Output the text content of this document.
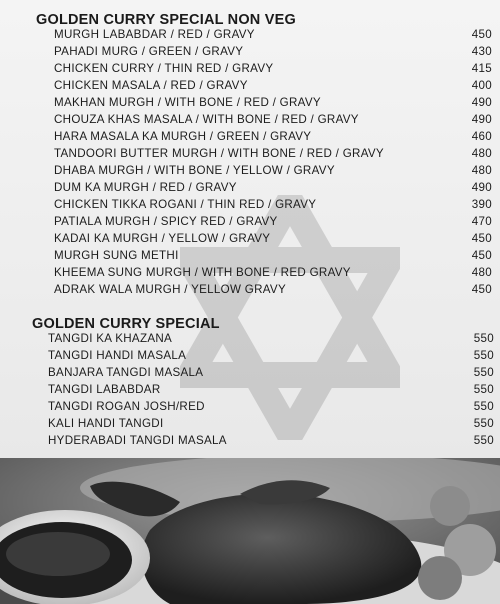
GOLDEN CURRY SPECIAL NON VEG
MURGH LABABDAR / RED / GRAVY	450
PAHADI MURG / GREEN / GRAVY	430
CHICKEN CURRY / THIN RED / GRAVY	415
CHICKEN MASALA / RED / GRAVY	400
MAKHAN MURGH / WITH BONE / RED / GRAVY	490
CHOUZA KHAS MASALA / WITH BONE / RED / GRAVY	490
HARA MASALA KA MURGH / GREEN / GRAVY	460
TANDOORI BUTTER MURGH / WITH BONE / RED / GRAVY	480
DHABA MURGH / WITH BONE / YELLOW / GRAVY	480
DUM KA MURGH / RED / GRAVY	490
CHICKEN TIKKA ROGANI / THIN RED / GRAVY	390
PATIALA MURGH / SPICY RED / GRAVY	470
KADAI KA MURGH / YELLOW / GRAVY	450
MURGH SUNG METHI	450
KHEEMA SUNG MURGH / WITH BONE / RED GRAVY	480
ADRAK WALA MURGH / YELLOW GRAVY	450
GOLDEN CURRY SPECIAL
TANGDI KA KHAZANA	550
TANGDI HANDI MASALA	550
BANJARA TANGDI MASALA	550
TANGDI LABABDAR	550
TANGDI ROGAN JOSH/RED	550
KALI HANDI TANGDI	550
HYDERABADI TANGDI MASALA	550
